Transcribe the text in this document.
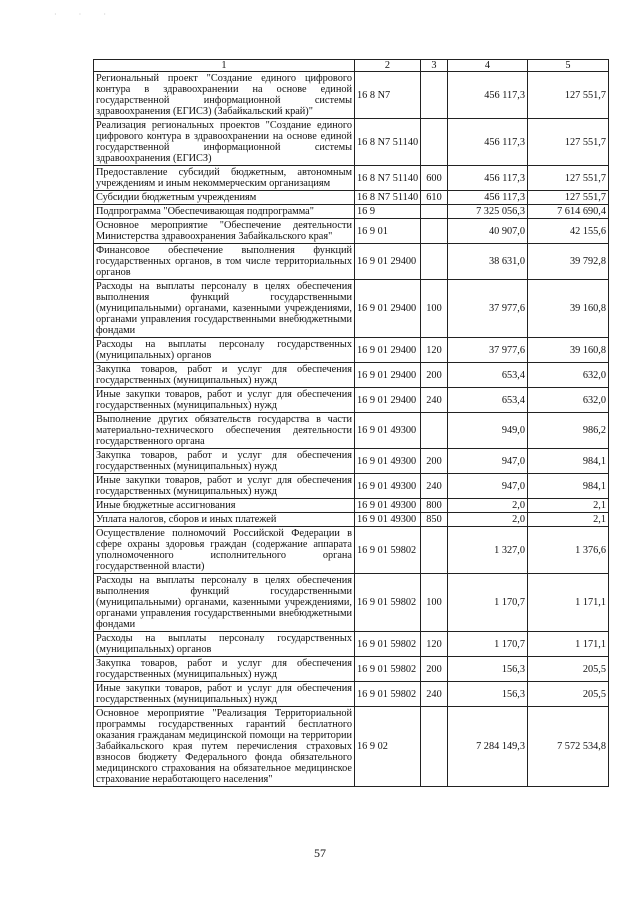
· · ·
1	2	3	4	5
Региональный проект "Создание единого цифрового контура в здравоохранении на основе единой государственной информационной системы здравоохранения (ЕГИСЗ) (Забайкальский край)"	16 8 N7		456 117,3	127 551,7
Реализация региональных проектов "Создание единого цифрового контура в здравоохранении на основе единой государственной информационной системы здравоохранения (ЕГИСЗ)	16 8 N7 51140		456 117,3	127 551,7
Предоставление субсидий бюджетным, автономным учреждениям и иным некоммерческим организациям	16 8 N7 51140	600	456 117,3	127 551,7
Субсидии бюджетным учреждениям	16 8 N7 51140	610	456 117,3	127 551,7
Подпрограмма "Обеспечивающая подпрограмма"	16 9		7 325 056,3	7 614 690,4
Основное мероприятие "Обеспечение деятельности Министерства здравоохранения Забайкальского края"	16 9 01		40 907,0	42 155,6
Финансовое обеспечение выполнения функций государственных органов, в том числе территориальных органов	16 9 01 29400		38 631,0	39 792,8
Расходы на выплаты персоналу в целях обеспечения выполнения функций государственными (муниципальными) органами, казенными учреждениями, органами управления государственными внебюджетными фондами	16 9 01 29400	100	37 977,6	39 160,8
Расходы на выплаты персоналу государственных (муниципальных) органов	16 9 01 29400	120	37 977,6	39 160,8
Закупка товаров, работ и услуг для обеспечения государственных (муниципальных) нужд	16 9 01 29400	200	653,4	632,0
Иные закупки товаров, работ и услуг для обеспечения государственных (муниципальных) нужд	16 9 01 29400	240	653,4	632,0
Выполнение других обязательств государства в части материально-технического обеспечения деятельности государственного органа	16 9 01 49300		949,0	986,2
Закупка товаров, работ и услуг для обеспечения государственных (муниципальных) нужд	16 9 01 49300	200	947,0	984,1
Иные закупки товаров, работ и услуг для обеспечения государственных (муниципальных) нужд	16 9 01 49300	240	947,0	984,1
Иные бюджетные ассигнования	16 9 01 49300	800	2,0	2,1
Уплата налогов, сборов и иных платежей	16 9 01 49300	850	2,0	2,1
Осуществление полномочий Российской Федерации в сфере охраны здоровья граждан (содержание аппарата уполномоченного исполнительного органа государственной власти)	16 9 01 59802		1 327,0	1 376,6
Расходы на выплаты персоналу в целях обеспечения выполнения функций государственными (муниципальными) органами, казенными учреждениями, органами управления государственными внебюджетными фондами	16 9 01 59802	100	1 170,7	1 171,1
Расходы на выплаты персоналу государственных (муниципальных) органов	16 9 01 59802	120	1 170,7	1 171,1
Закупка товаров, работ и услуг для обеспечения государственных (муниципальных) нужд	16 9 01 59802	200	156,3	205,5
Иные закупки товаров, работ и услуг для обеспечения государственных (муниципальных) нужд	16 9 01 59802	240	156,3	205,5
Основное мероприятие "Реализация Территориальной программы государственных гарантий бесплатного оказания гражданам медицинской помощи на территории Забайкальского края путем перечисления страховых взносов бюджету Федерального фонда обязательного медицинского страхования на обязательное медицинское страхование неработающего населения"	16 9 02		7 284 149,3	7 572 534,8
57
